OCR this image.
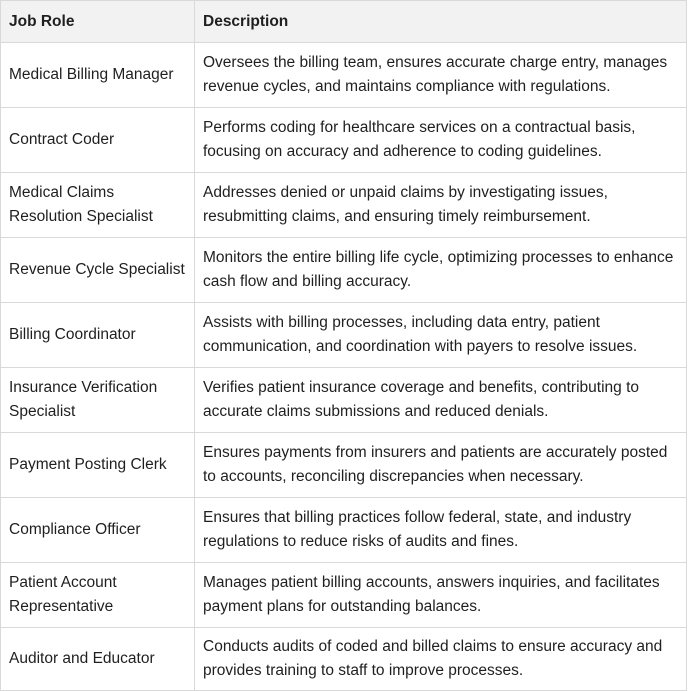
Job Role	Description
Medical Billing Manager	Oversees the billing team, ensures accurate charge entry, manages revenue cycles, and maintains compliance with regulations.
Contract Coder	Performs coding for healthcare services on a contractual basis, focusing on accuracy and adherence to coding guidelines.
Medical Claims Resolution Specialist	Addresses denied or unpaid claims by investigating issues, resubmitting claims, and ensuring timely reimbursement.
Revenue Cycle Specialist	Monitors the entire billing life cycle, optimizing processes to enhance cash flow and billing accuracy.
Billing Coordinator	Assists with billing processes, including data entry, patient communication, and coordination with payers to resolve issues.
Insurance Verification Specialist	Verifies patient insurance coverage and benefits, contributing to accurate claims submissions and reduced denials.
Payment Posting Clerk	Ensures payments from insurers and patients are accurately posted to accounts, reconciling discrepancies when necessary.
Compliance Officer	Ensures that billing practices follow federal, state, and industry regulations to reduce risks of audits and fines.
Patient Account Representative	Manages patient billing accounts, answers inquiries, and facilitates payment plans for outstanding balances.
Auditor and Educator	Conducts audits of coded and billed claims to ensure accuracy and provides training to staff to improve processes.
